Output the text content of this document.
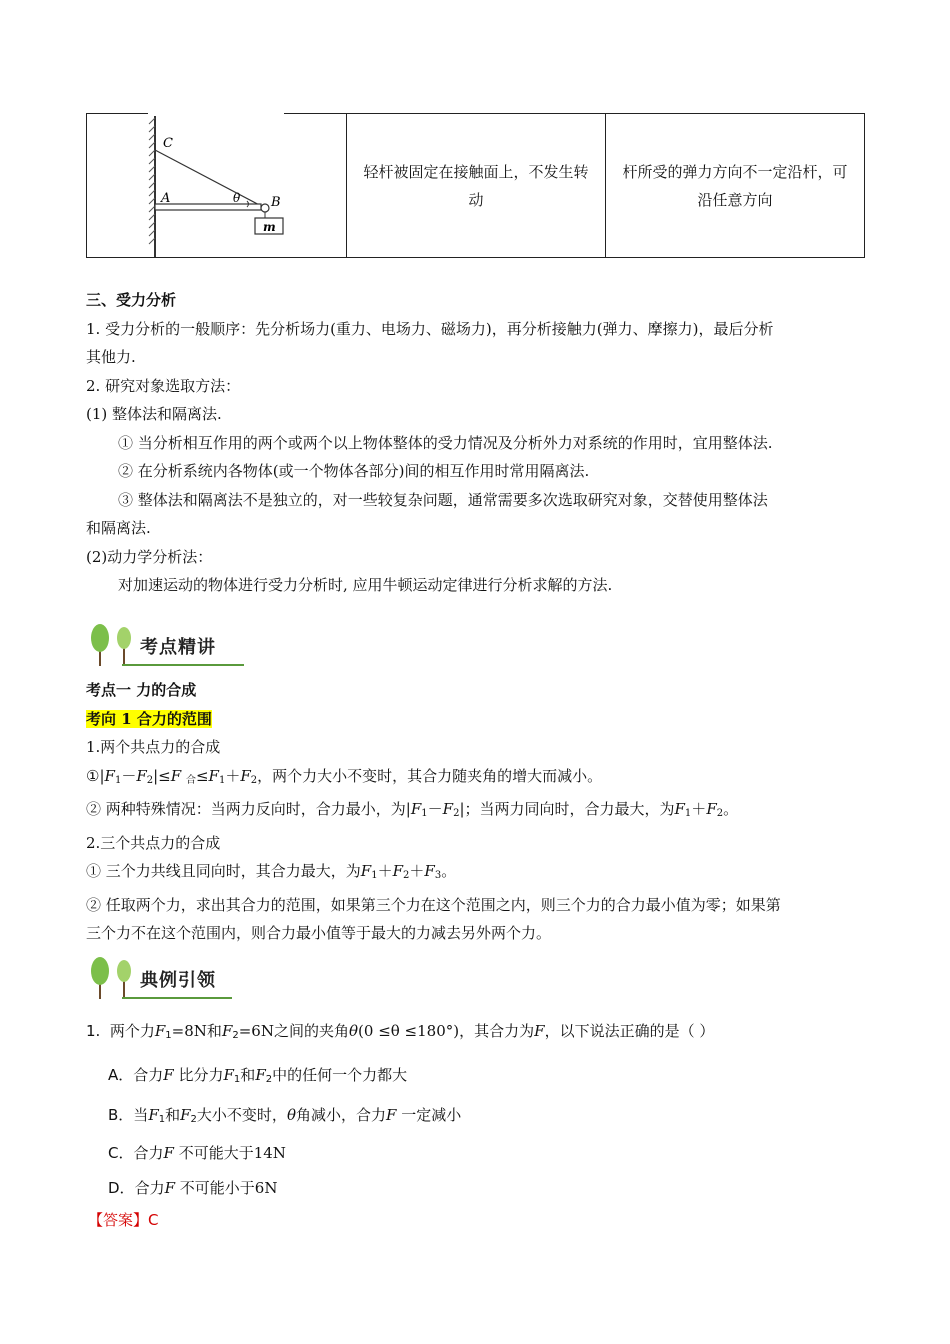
C
A	θ B
m
轻杆被固定在接触面上，不发生转动
杆所受的弹力方向不一定沿杆，可沿任意方向
三、受力分析
1. 受力分析的一般顺序：先分析场力(重力、电场力、磁场力)，再分析接触力(弹力、摩擦力)，最后分析
其他力.
2. 研究对象选取方法：
(1) 整体法和隔离法.
① 当分析相互作用的两个或两个以上物体整体的受力情况及分析外力对系统的作用时，宜用整体法.
② 在分析系统内各物体(或一个物体各部分)间的相互作用时常用隔离法.
③ 整体法和隔离法不是独立的，对一些较复杂问题，通常需要多次选取研究对象，交替使用整体法
和隔离法.
(2)动力学分析法：
对加速运动的物体进行受力分析时, 应用牛顿运动定律进行分析求解的方法.
考点精讲
考点一 力的合成
考向 1 合力的范围
1.两个共点力的合成
$①|F_1-F_2|\le F$ $_合\le F_1+F_2$，两个力大小不变时，其合力随夹角的增大而减小。
② 两种特殊情况：当两力反向时，合力最小，为$|F_1-F_2|$；当两力同向时，合力最大，为$F_1+F_2$。
2.三个共点力的合成
① 三个力共线且同向时，其合力最大，为$F_1+F_2+F_3$。
② 任取两个力，求出其合力的范围，如果第三个力在这个范围之内，则三个力的合力最小值为零；如果第
三个力不在这个范围内，则合力最小值等于最大的力减去另外两个力。
典例引领
1. 两个力$F_1=8N$和$F_2=6N$之间的夹角θ(0 ≤θ ≤180°)，其合力为F，以下说法正确的是（ ）
A．合力F 比分力$F_1$和$F_2$中的任何一个力都大
B．当$F_1$和$F_2$大小不变时，θ角减小，合力F 一定减小
C．合力F 不可能大于14N
D．合力F 不可能小于6N
【答案】C
